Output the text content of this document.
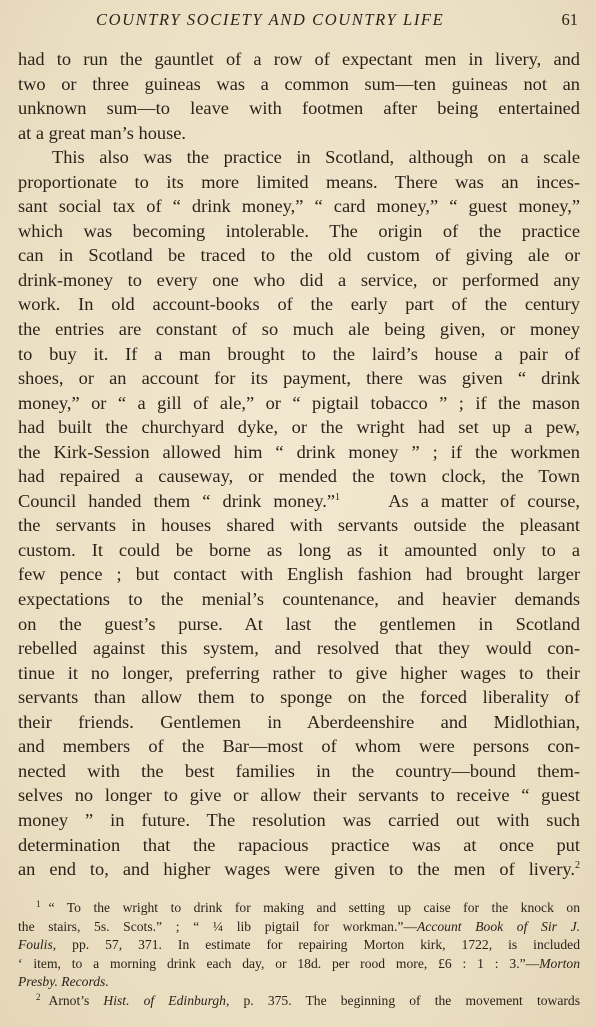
COUNTRY SOCIETY AND COUNTRY LIFE	61
had to run the gauntlet of a row of expectant men in livery, and
two or three guineas was a common sum—ten guineas not an
unknown sum—to leave with footmen after being entertained
at a great man’s house.
This also was the practice in Scotland, although on a scale
proportionate to its more limited means. There was an inces-
sant social tax of “ drink money,” “ card money,” “ guest money,”
which was becoming intolerable. The origin of the practice
can in Scotland be traced to the old custom of giving ale or
drink-money to every one who did a service, or performed any
work. In old account-books of the early part of the century
the entries are constant of so much ale being given, or money
to buy it. If a man brought to the laird’s house a pair of
shoes, or an account for its payment, there was given “ drink
money,” or “ a gill of ale,” or “ pigtail tobacco ” ; if the mason
had built the churchyard dyke, or the wright had set up a pew,
the Kirk-Session allowed him “ drink money ” ; if the workmen
had repaired a causeway, or mended the town clock, the Town
Council handed them “ drink money.”$^1$	As a matter of course,
the servants in houses shared with servants outside the pleasant
custom. It could be borne as long as it amounted only to a
few pence ; but contact with English fashion had brought larger
expectations to the menial’s countenance, and heavier demands
on the guest’s purse. At last the gentlemen in Scotland
rebelled against this system, and resolved that they would con-
tinue it no longer, preferring rather to give higher wages to their
servants than allow them to sponge on the forced liberality of
their friends. Gentlemen in Aberdeenshire and Midlothian,
and members of the Bar—most of whom were persons con-
nected with the best families in the country—bound them-
selves no longer to give or allow their servants to receive “ guest
money ” in future. The resolution was carried out with such
determination that the rapacious practice was at once put
an end to, and higher wages were given to the men of livery.$^2$
$^1$ “ To the wright to drink for making and setting up caise for the knock on
the stairs, 5s. Scots.” ; “ ¼ lib pigtail for workman.”—Account Book of Sir J.
Foulis, pp. 57, 371. In estimate for repairing Morton kirk, 1722, is included
‘ item, to a morning drink each day, or 18d. per rood more, £6 : 1 : 3.”—Morton
Presby. Records.
$^2$ Arnot’s Hist. of Edinburgh, p. 375. The beginning of the movement towards
